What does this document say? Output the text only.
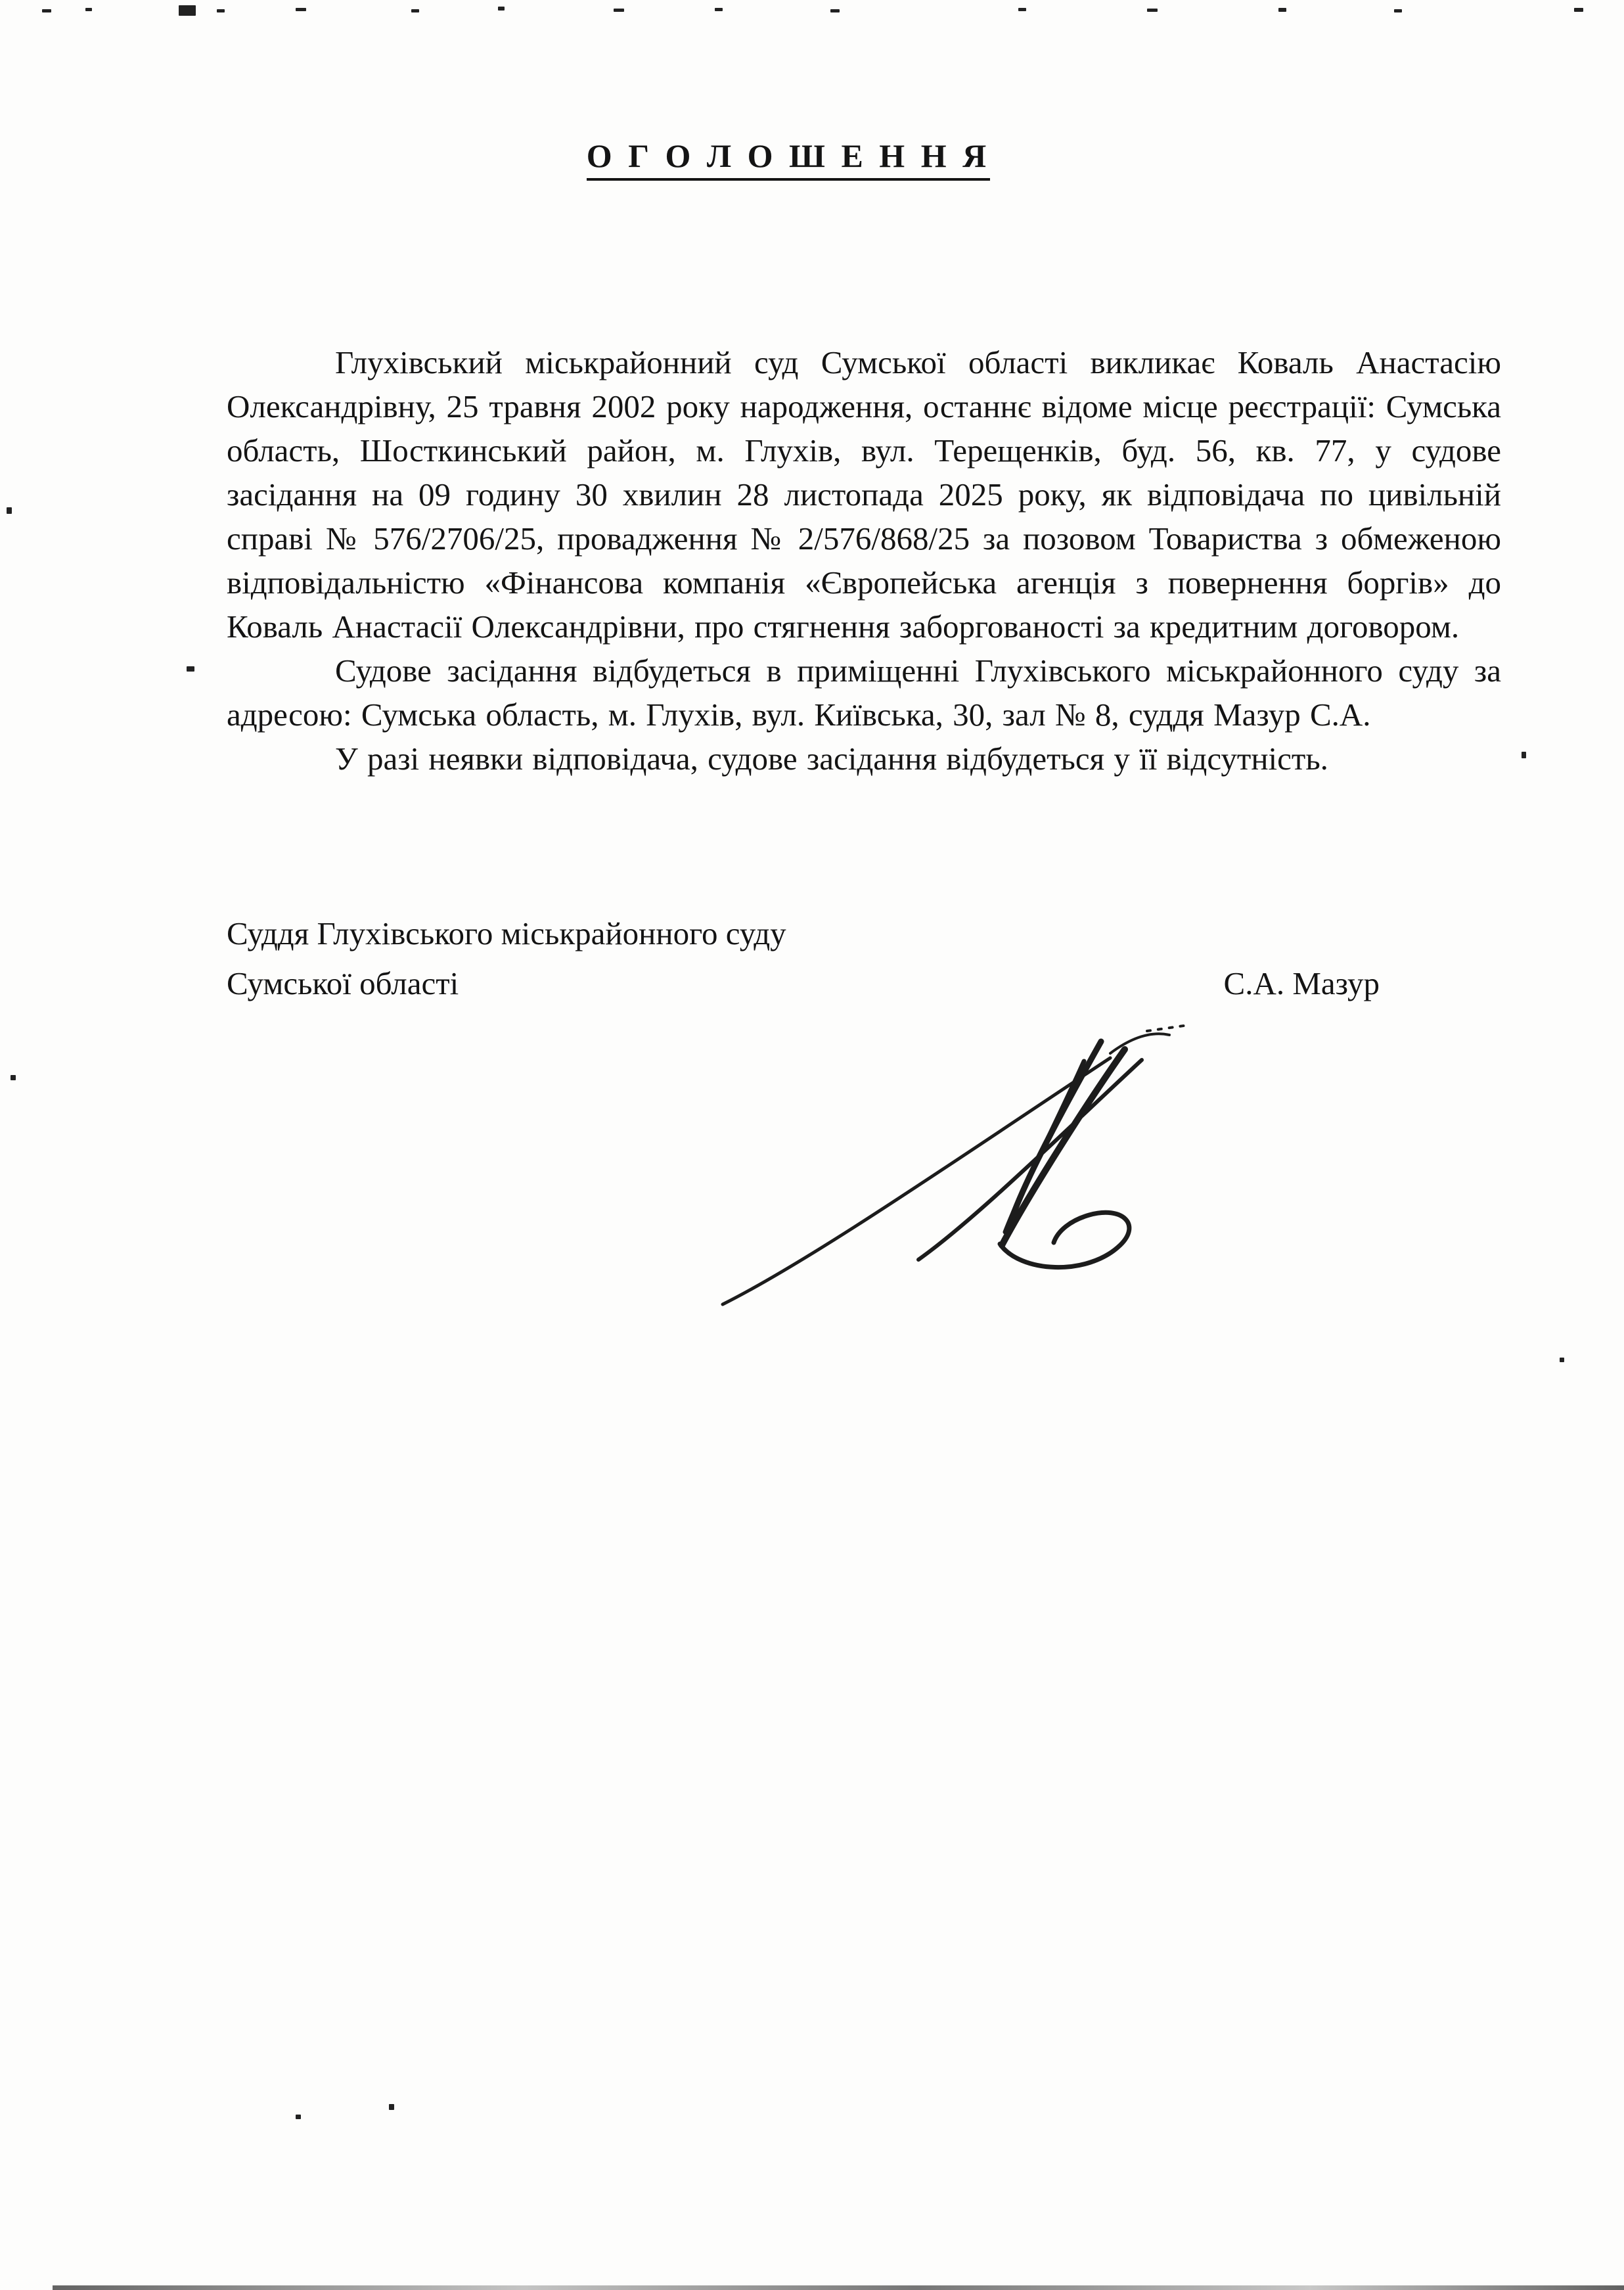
О Г О Л О Ш Е Н Н Я

Глухівський міськрайонний суд Сумської області викликає Коваль Анастасію Олександрівну, 25 травня 2002 року народження, останнє відоме місце реєстрації: Сумська область, Шосткинський район, м. Глухів, вул. Терещенків, буд. 56, кв. 77, у судове засідання на 09 годину 30 хвилин 28 листопада 2025 року, як відповідача по цивільній справі № 576/2706/25, провадження № 2/576/868/25 за позовом Товариства з обмеженою відповідальністю «Фінансова компанія «Європейська агенція з повернення боргів» до Коваль Анастасії Олександрівни, про стягнення заборгованості за кредитним договором.

Судове засідання відбудеться в приміщенні Глухівського міськрайонного суду за адресою: Сумська область, м. Глухів, вул. Київська, 30, зал № 8, суддя Мазур С.А.

У разі неявки відповідача, судове засідання відбудеться у її відсутність.

Суддя Глухівського міськрайонного суду
Сумської області	С.А. Мазур
